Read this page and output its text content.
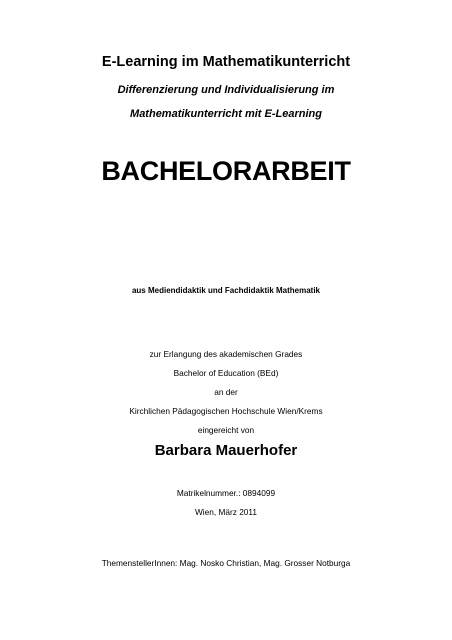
E-Learning im Mathematikunterricht
Differenzierung und Individualisierung im
Mathematikunterricht mit E-Learning
BACHELORARBEIT
aus Mediendidaktik und Fachdidaktik Mathematik
zur Erlangung des akademischen Grades
Bachelor of Education (BEd)
an der
Kirchlichen Pädagogischen Hochschule Wien/Krems
eingereicht von
Barbara Mauerhofer
Matrikelnummer.: 0894099
Wien, März 2011
ThemenstellerInnen: Mag. Nosko Christian, Mag. Grosser Notburga
